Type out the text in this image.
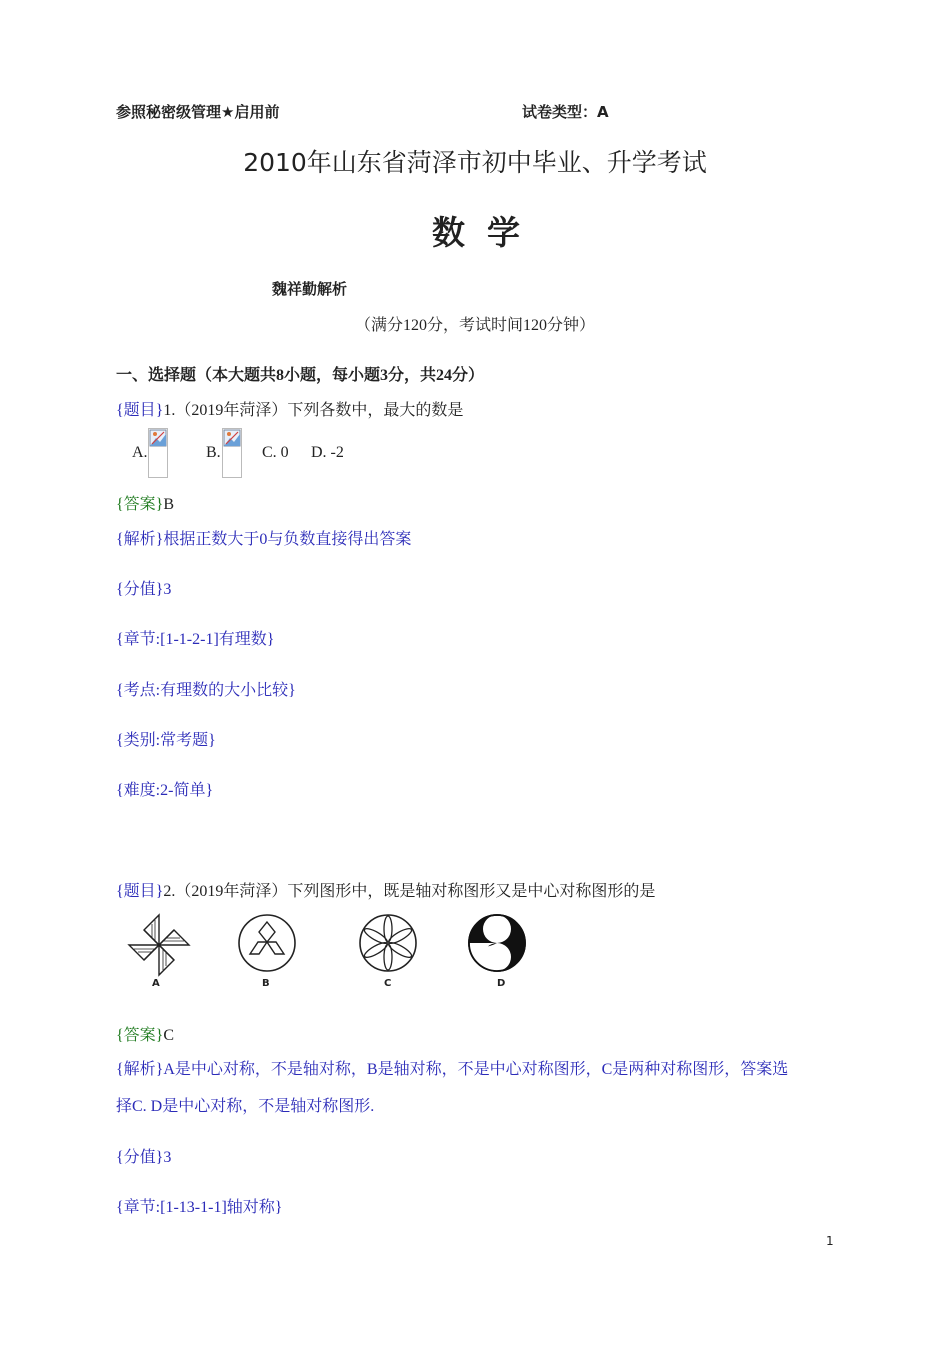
参照秘密级管理★启用前	试卷类型：A
2010年山东省菏泽市初中毕业、升学考试
数学
魏祥勤解析
（满分120分，考试时间120分钟）
一、选择题（本大题共8小题，每小题3分，共24分）
{题目}1.（2019年菏泽）下列各数中，最大的数是
A.	B.	C. 0 D. -2
{答案}B
{解析}根据正数大于0与负数直接得出答案
{分值}3
{章节:[1-1-2-1]有理数}
{考点:有理数的大小比较}
{类别:常考题}
{难度:2-简单}
{题目}2.（2019年菏泽）下列图形中，既是轴对称图形又是中心对称图形的是
A	B	C	D
{答案}C
{解析}A是中心对称，不是轴对称，B是轴对称，不是中心对称图形，C是两种对称图形，答案选
择C. D是中心对称，不是轴对称图形.
{分值}3
{章节:[1-13-1-1]轴对称}
1
